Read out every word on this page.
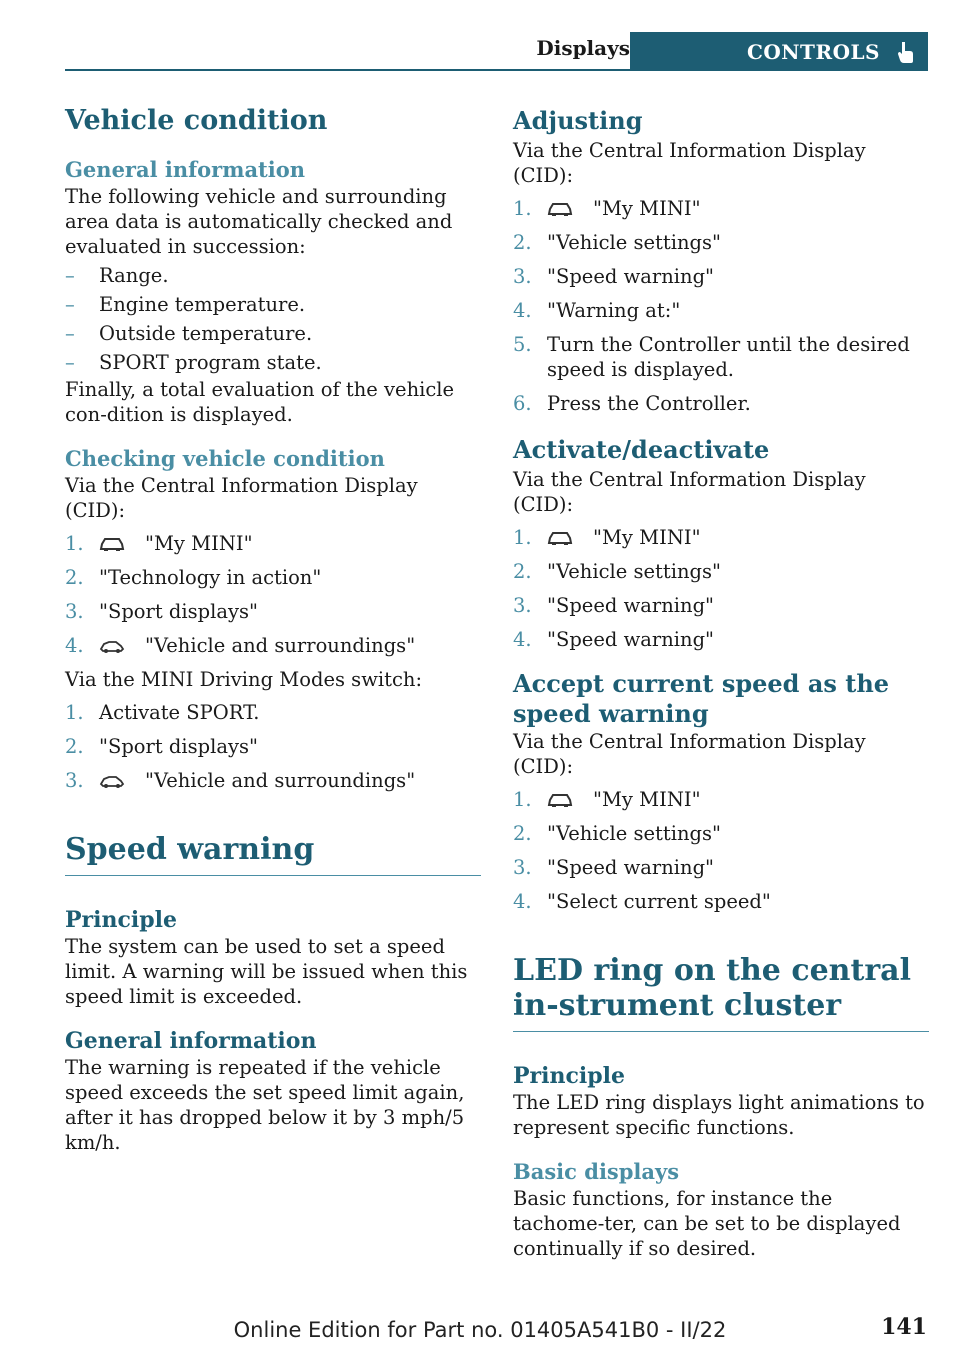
Displays	CONTROLS
Vehicle condition
General information

The following vehicle and surrounding area data is automatically checked and evaluated in succession:

– Range.
– Engine temperature.
– Outside temperature.
– SPORT program state.

Finally, a total evaluation of the vehicle con-dition is displayed.

Checking vehicle condition

Via the Central Information Display (CID):

1.	"My MINI"
2. "Technology in action"
3. "Sport displays"
4.	"Vehicle and surroundings"

Via the MINI Driving Modes switch:

1. Activate SPORT.
2. "Sport displays"
3.	"Vehicle and surroundings"
Speed warning
Principle

The system can be used to set a speed limit. A warning will be issued when this speed limit is exceeded.

General information

The warning is repeated if the vehicle speed exceeds the set speed limit again, after it has dropped below it by 3 mph/5 km/h.

Adjusting

Via the Central Information Display (CID):

1.	"My MINI"
2. "Vehicle settings"
3. "Speed warning"
4. "Warning at:"
5. Turn the Controller until the desired speed is displayed.
6. Press the Controller.
Activate/deactivate

Via the Central Information Display (CID):

1.	"My MINI"
2. "Vehicle settings"
3. "Speed warning"
4. "Speed warning"
Accept current speed as the speed warning

Via the Central Information Display (CID):

1.	"My MINI"
2. "Vehicle settings"
3. "Speed warning"
4. "Select current speed"
LED ring on the central in-strument cluster
Principle

The LED ring displays light animations to represent specific functions.

Basic displays

Basic functions, for instance the tachome-ter, can be set to be displayed continually if so desired.

Online Edition for Part no. 01405A541B0 - II/22	141
